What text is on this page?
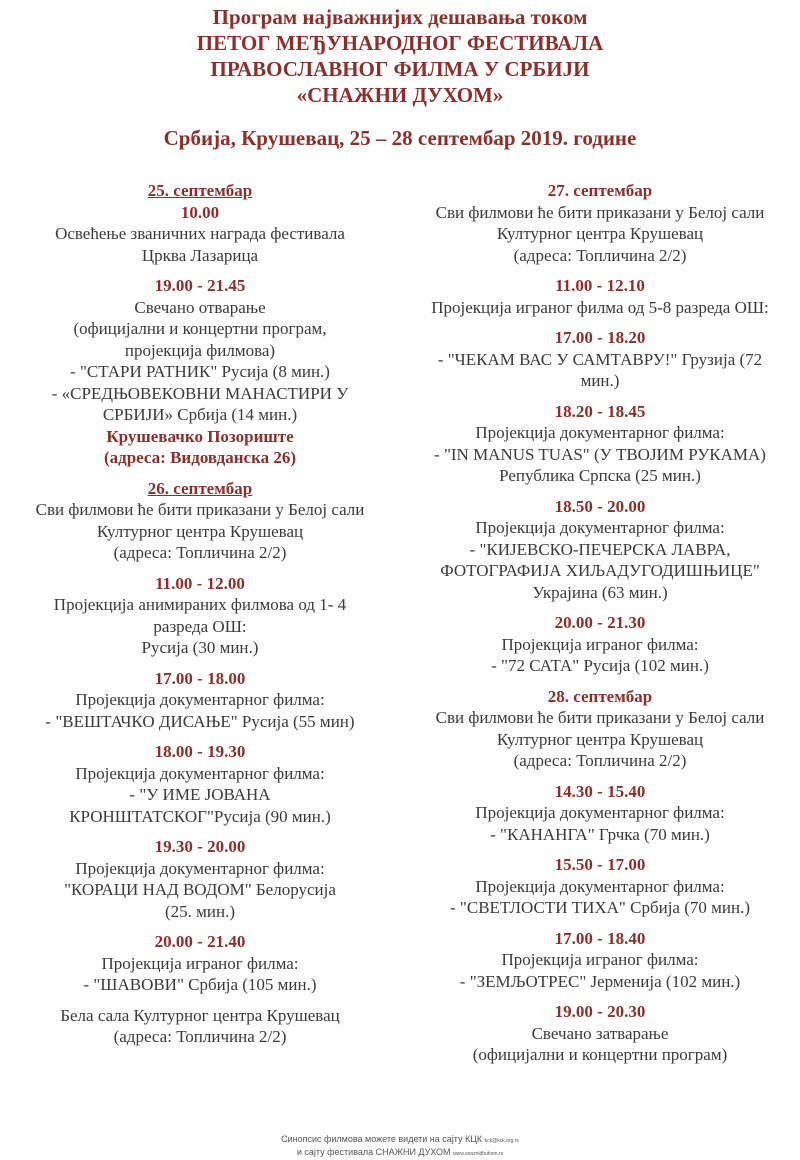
Програм најважнијих дешавања током
ПЕТОГ МЕЂУНАРОДНОГ ФЕСТИВАЛА
ПРАВОСЛАВНОГ ФИЛМА У СРБИЈИ
«СНАЖНИ ДУХОМ»
Србија, Крушевац, 25 – 28 септембар 2019. године
25. септембар
10.00
Освећење званичних награда фестивала
Црква Лазарица
19.00 - 21.45
Свечано отварање
(официјални и концертни програм,
пројекција филмова)
- "СТАРИ РАТНИК" Русија (8 мин.)
- «СРЕДЊОВЕКОВНИ МАНАСТИРИ У
СРБИЈИ» Србија (14 мин.)
Крушевачко Позориште
(адреса: Видовданска 26)
26. септембар
Сви филмови ће бити приказани у Белој сали
Културног центра Крушевац
(адреса: Топличина 2/2)
11.00 - 12.00
Пројекција анимираних филмова од 1- 4
разреда ОШ:
Русија (30 мин.)
17.00 - 18.00
Пројекција документарног филма:
- "ВЕШТАЧКО ДИСАЊЕ" Русија (55 мин)
18.00 - 19.30
Пројекција документарног филма:
- "У ИМЕ ЈОВАНА
КРОНШТАТСКОГ"Русија (90 мин.)
19.30 - 20.00
Пројекција документарног филма:
"КОРАЦИ НАД ВОДОМ" Белорусија
(25. мин.)
20.00 - 21.40
Пројекција играног филма:
- "ШАВОВИ" Србија (105 мин.)
Бела сала Културног центра Крушевац
(адреса: Топличина 2/2)
27. септембар
Сви филмови ће бити приказани у Белој сали
Културног центра Крушевац
(адреса: Топличина 2/2)
11.00 - 12.10
Пројекција играног филма од 5-8 разреда ОШ:
17.00 - 18.20
- "ЧЕКАМ ВАС У САМТАВРУ!" Грузија (72
мин.)
18.20 - 18.45
Пројекција документарног филма:
- "IN MANUS TUAS" (У ТВОЈИМ РУКАМА)
Република Српска (25 мин.)
18.50 - 20.00
Пројекција документарног филма:
- "КИЈЕВСКО-ПЕЧЕРСКА ЛАВРА,
ФОТОГРАФИЈА ХИЉАДУГОДИШЊИЦЕ"
Украјина (63 мин.)
20.00 - 21.30
Пројекција играног филма:
- "72 САТА" Русија (102 мин.)
28. септембар
Сви филмови ће бити приказани у Белој сали
Културног центра Крушевац
(адреса: Топличина 2/2)
14.30 - 15.40
Пројекција документарног филма:
- "КАНАНГА" Грчка (70 мин.)
15.50 - 17.00
Пројекција документарног филма:
- "СВЕТЛОСТИ ТИХА" Србија (70 мин.)
17.00 - 18.40
Пројекција играног филма:
- "ЗЕМЉОТРЕС" Јерменија (102 мин.)
19.00 - 20.30
Свечано затварање
(официјални и концертни програм)
Синопсис филмова можете видети на сајту КЦК kck@kck.org.rs
и сајту фестивала СНАЖНИ ДУХОМ www.snaznidhuhom.rs
